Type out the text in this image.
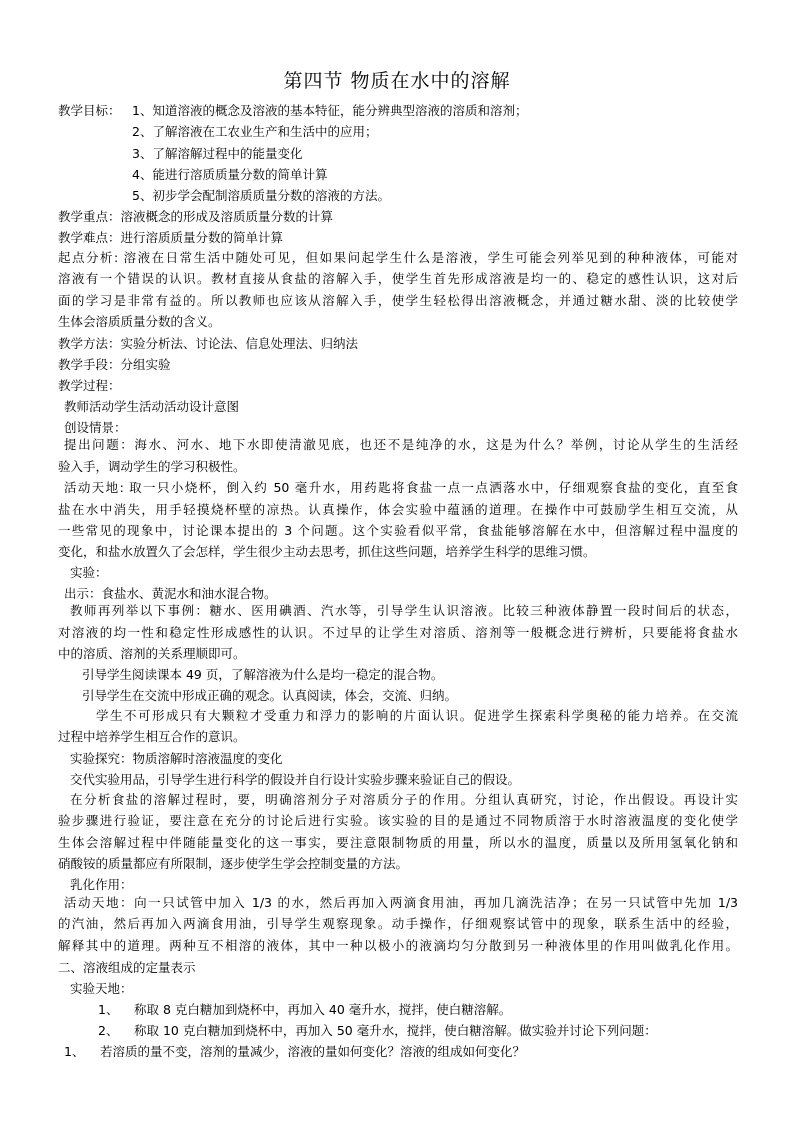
第四节 物质在水中的溶解
教学目标： 1、知道溶液的概念及溶液的基本特征，能分辨典型溶液的溶质和溶剂；
2、了解溶液在工农业生产和生活中的应用；
3、了解溶解过程中的能量变化
4、能进行溶质质量分数的简单计算
5、初步学会配制溶质质量分数的溶液的方法。
教学重点：溶液概念的形成及溶质质量分数的计算
教学难点：进行溶质质量分数的简单计算
起点分析: 溶液在日常生活中随处可见，但如果问起学生什么是溶液，学生可能会列举见到的种种液体，可能对
溶液有一个错误的认识。教材直接从食盐的溶解入手，使学生首先形成溶液是均一的、稳定的感性认识，这对后
面的学习是非常有益的。所以教师也应该从溶解入手，使学生轻松得出溶液概念，并通过糖水甜、淡的比较使学
生体会溶质质量分数的含义。
教学方法：实验分析法、讨论法、信息处理法、归纳法
教学手段：分组实验
教学过程：
教师活动学生活动活动设计意图
创设情景：
提出问题：海水、河水、地下水即使清澈见底，也还不是纯净的水，这是为什么？举例，讨论从学生的生活经
验入手，调动学生的学习积极性。
活动天地: 取一只小烧杯，倒入约 50 毫升水，用药匙将食盐一点一点洒落水中，仔细观察食盐的变化，直至食
盐在水中消失，用手轻摸烧杯壁的凉热。认真操作，体会实验中蕴涵的道理。在操作中可鼓励学生相互交流，从
一些常见的现象中，讨论课本提出的 3 个问题。这个实验看似平常，食盐能够溶解在水中，但溶解过程中温度的
变化，和盐水放置久了会怎样，学生很少主动去思考，抓住这些问题，培养学生科学的思维习惯。
实验：
出示：食盐水、黄泥水和油水混合物。
教师再列举以下事例：糖水、医用碘酒、汽水等，引导学生认识溶液。比较三种液体静置一段时间后的状态，
对溶液的均一性和稳定性形成感性的认识。不过早的让学生对溶质、溶剂等一般概念进行辨析，只要能将食盐水
中的溶质、溶剂的关系理顺即可。
引导学生阅读课本 49 页，了解溶液为什么是均一稳定的混合物。
引导学生在交流中形成正确的观念。认真阅读，体会，交流、归纳。
学生不可形成只有大颗粒才受重力和浮力的影响的片面认识。促进学生探索科学奥秘的能力培养。在交流
过程中培养学生相互合作的意识。
实验探究：物质溶解时溶液温度的变化
交代实验用品，引导学生进行科学的假设并自行设计实验步骤来验证自己的假设。
在分析食盐的溶解过程时，要，明确溶剂分子对溶质分子的作用。分组认真研究，讨论，作出假设。再设计实
验步骤进行验证，要注意在充分的讨论后进行实验。该实验的目的是通过不同物质溶于水时溶液温度的变化使学
生体会溶解过程中伴随能量变化的这一事实，要注意限制物质的用量，所以水的温度，质量以及所用氢氧化钠和
硝酸铵的质量都应有所限制，逐步使学生学会控制变量的方法。
乳化作用：
活动天地：向一只试管中加入 1/3 的水，然后再加入两滴食用油，再加几滴洗洁净；在另一只试管中先加 1/3
的汽油，然后再加入两滴食用油，引导学生观察现象。动手操作，仔细观察试管中的现象，联系生活中的经验，
解释其中的道理。两种互不相溶的液体，其中一种以极小的液滴均匀分散到另一种液体里的作用叫做乳化作用。
二、溶液组成的定量表示
实验天地：
1、 称取 8 克白糖加到烧杯中，再加入 40 毫升水，搅拌，使白糖溶解。
2、 称取 10 克白糖加到烧杯中，再加入 50 毫升水，搅拌，使白糖溶解。做实验并讨论下列问题：
1、 若溶质的量不变，溶剂的量减少，溶液的量如何变化？溶液的组成如何变化？
